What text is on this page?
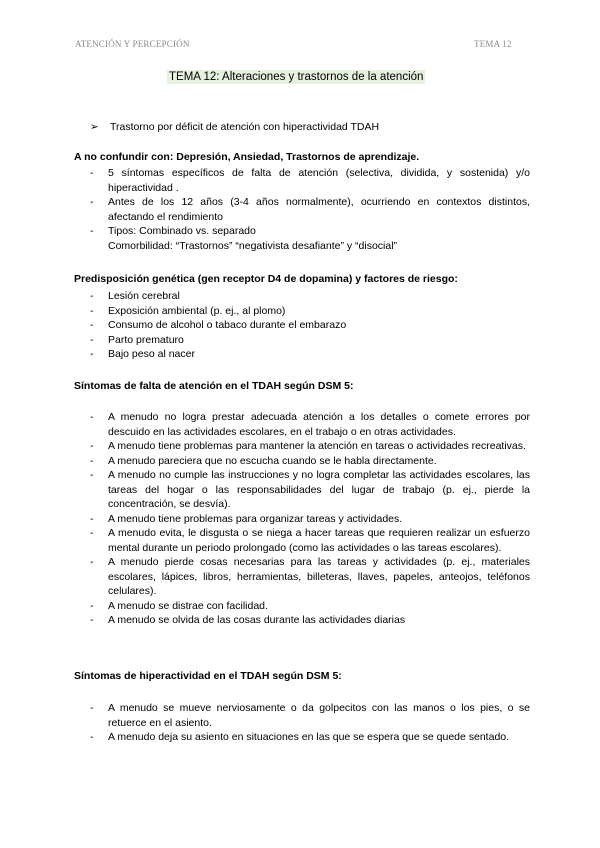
ATENCIÓN Y PERCEPCIÓN	TEMA 12
TEMA 12: Alteraciones y trastornos de la atención
➢ Trastorno por déficit de atención con hiperactividad TDAH
A no confundir con: Depresión, Ansiedad, Trastornos de aprendizaje.
- 5 síntomas específicos de falta de atención (selectiva, dividida, y sostenida) y/o hiperactividad .
- Antes de los 12 años (3-4 años normalmente), ocurriendo en contextos distintos, afectando el rendimiento
- Tipos: Combinado vs. separado
Comorbilidad: “Trastornos” “negativista desafiante” y “disocial”
Predisposición genética (gen receptor D4 de dopamina) y factores de riesgo:
- Lesión cerebral
- Exposición ambiental (p. ej., al plomo)
- Consumo de alcohol o tabaco durante el embarazo
- Parto prematuro
- Bajo peso al nacer
Síntomas de falta de atención en el TDAH según DSM 5:
- A menudo no logra prestar adecuada atención a los detalles o comete errores por descuido en las actividades escolares, en el trabajo o en otras actividades.
- A menudo tiene problemas para mantener la atención en tareas o actividades recreativas.
- A menudo pareciera que no escucha cuando se le habla directamente.
- A menudo no cumple las instrucciones y no logra completar las actividades escolares, las tareas del hogar o las responsabilidades del lugar de trabajo (p. ej., pierde la concentración, se desvía).
- A menudo tiene problemas para organizar tareas y actividades.
- A menudo evita, le disgusta o se niega a hacer tareas que requieren realizar un esfuerzo mental durante un periodo prolongado (como las actividades o las tareas escolares).
- A menudo pierde cosas necesarias para las tareas y actividades (p. ej., materiales escolares, lápices, libros, herramientas, billeteras, llaves, papeles, anteojos, teléfonos celulares).
- A menudo se distrae con facilidad.
- A menudo se olvida de las cosas durante las actividades diarias
Síntomas de hiperactividad en el TDAH según DSM 5:
- A menudo se mueve nerviosamente o da golpecitos con las manos o los pies, o se retuerce en el asiento.
- A menudo deja su asiento en situaciones en las que se espera que se quede sentado.
